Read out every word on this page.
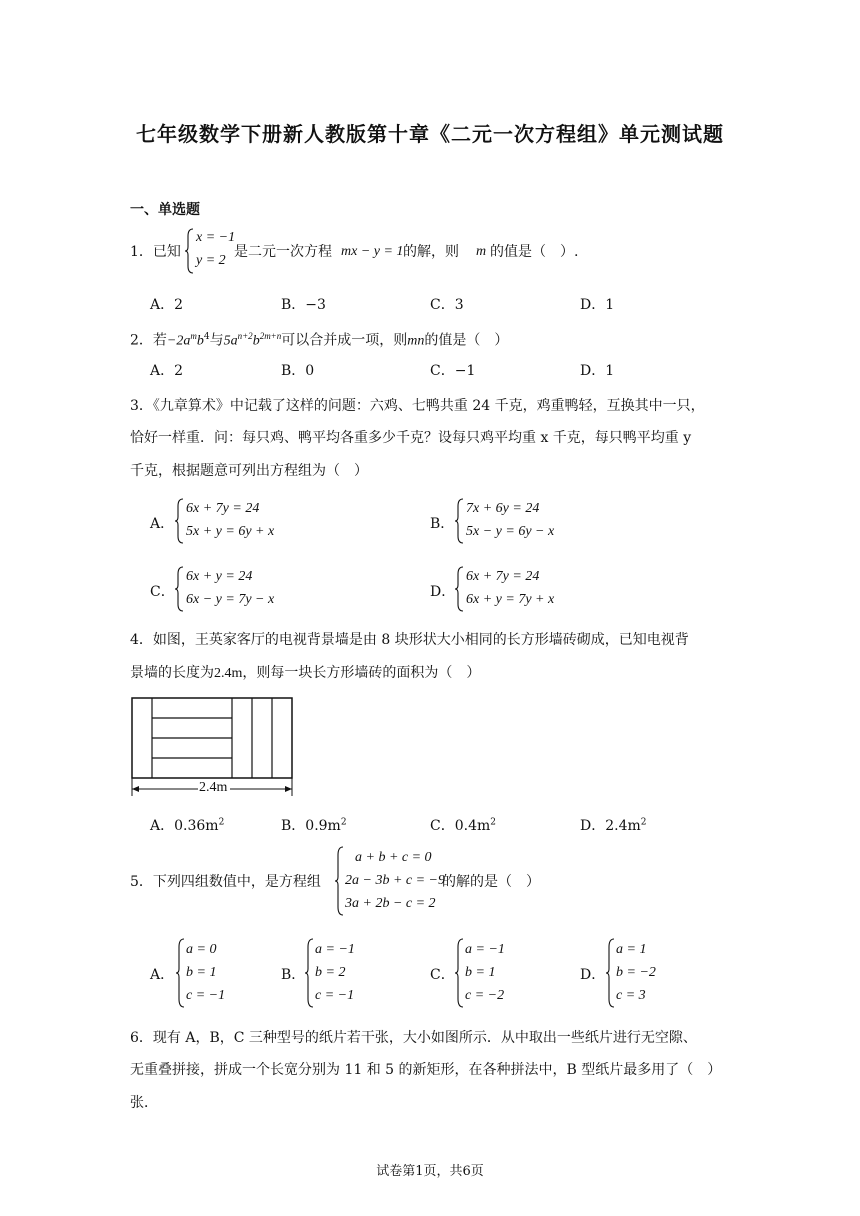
七年级数学下册新人教版第十章《二元一次方程组》单元测试题
一、单选题
1．已知
x = −1
y = 2
是二元一次方程 mx − y = 1 的解，则 m 的值是（　）.
A．2	B．−3	C．3	D．1
2．若$-2a^mb^4$与$5a^{n+2}b^{2m+n}$可以合并成一项，则mn的值是（　）
A．2	B．0	C．−1	D．1
3．《九章算术》中记载了这样的问题：六鸡、七鸭共重 24 千克，鸡重鸭轻，互换其中一只，
恰好一样重．问：每只鸡、鸭平均各重多少千克？设每只鸡平均重 x 千克，每只鸭平均重 y
千克，根据题意可列出方程组为（　）
A．
6x + 7y = 24
5x + y = 6y + x	B．
7x + 6y = 24
5x − y = 6y − x
C．
6x + y = 24
6x − y = 7y − x	D．
6x + 7y = 24
6x + y = 7y + x
4．如图，王英家客厅的电视背景墙是由 8 块形状大小相同的长方形墙砖砌成，已知电视背
景墙的长度为2.4m，则每一块长方形墙砖的面积为（　）
2.4m
A．$0.36m^2$	B．$0.9m^2$	C．$0.4m^2$	D．$2.4m^2$
5．下列四组数值中，是方程组
a + b + c = 0
2a − 3b + c = −9
3a + 2b − c = 2
的解的是（　）
A．
a = 0
b = 1
c = −1
B．
a = −1
b = 2
c = −1
C．
a = −1
b = 1
c = −2
D．
a = 1
b = −2
c = 3
6．现有 A，B，C 三种型号的纸片若干张，大小如图所示．从中取出一些纸片进行无空隙、
无重叠拼接，拼成一个长宽分别为 11 和 5 的新矩形，在各种拼法中，B 型纸片最多用了（　）
张．
试卷第1页，共6页
